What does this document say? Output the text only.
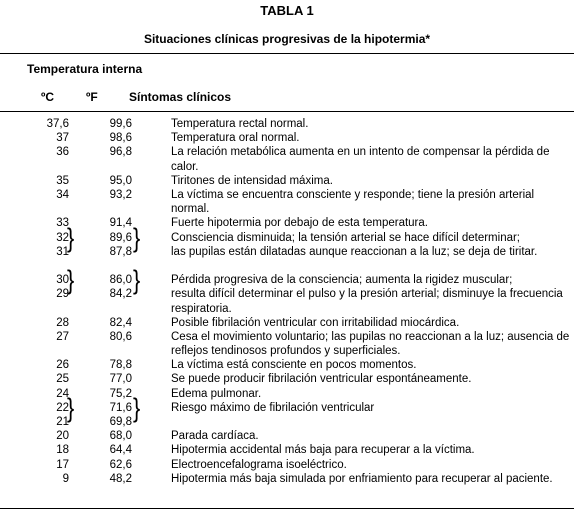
TABLA 1
Situaciones clínicas progresivas de la hipotermia*
Temperatura interna
ºC	ºF	Síntomas clínicos
37,6	99,6	Temperatura rectal normal.
37	98,6	Temperatura oral normal.
36	96,8	La relación metabólica aumenta en un intento de compensar la pérdida de calor.
35	95,0	Tiritones de intensidad máxima.
34	93,2	La víctima se encuentra consciente y responde; tiene la presión arterial normal.
33	91,4	Fuerte hipotermia por debajo de esta temperatura.
32	89,6	Consciencia disminuida; la tensión arterial se hace difícil determinar;
} }
31	87,8	las pupilas están dilatadas aunque reaccionan a la luz; se deja de tiritar.
30	86,0	Pérdida progresiva de la consciencia; aumenta la rigidez muscular;
} }
29	84,2	resulta difícil determinar el pulso y la presión arterial; disminuye la frecuencia respiratoria.
28	82,4	Posible fibrilación ventricular con irritabilidad miocárdica.
27	80,6	Cesa el movimiento voluntario; las pupilas no reaccionan a la luz; ausencia de reflejos tendinosos profundos y superficiales.
26	78,8	La víctima está consciente en pocos momentos.
25	77,0	Se puede producir fibrilación ventricular espontáneamente.
24	75,2	Edema pulmonar.
22	71,6	Riesgo máximo de fibrilación ventricular
} }
21	69,8
20	68,0	Parada cardíaca.
18	64,4	Hipotermia accidental más baja para recuperar a la víctima.
17	62,6	Electroencefalograma isoeléctrico.
9	48,2	Hipotermia más baja simulada por enfriamiento para recuperar al paciente.
